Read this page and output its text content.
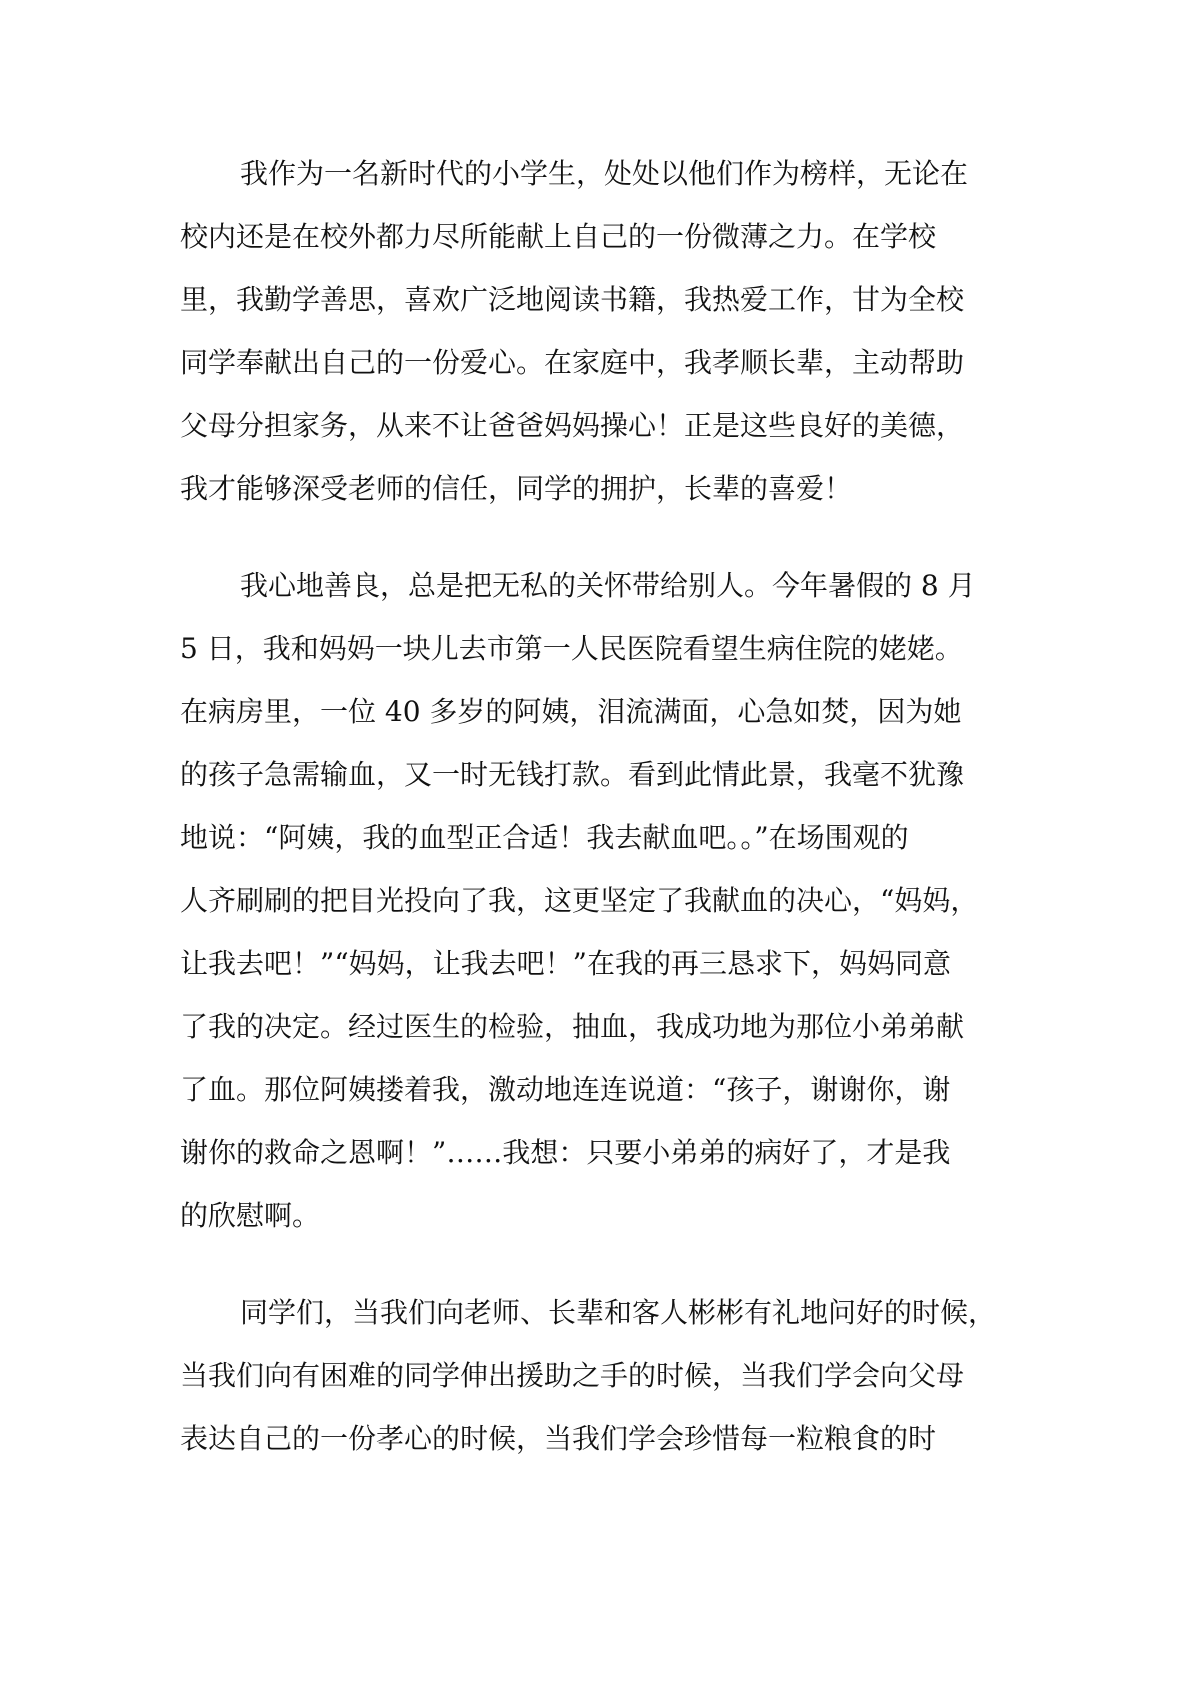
我作为一名新时代的小学生，处处以他们作为榜样，无论在
校内还是在校外都力尽所能献上自己的一份微薄之力。在学校
里，我勤学善思，喜欢广泛地阅读书籍，我热爱工作，甘为全校
同学奉献出自己的一份爱心。在家庭中，我孝顺长辈，主动帮助
父母分担家务，从来不让爸爸妈妈操心！正是这些良好的美德，
我才能够深受老师的信任，同学的拥护，长辈的喜爱！
我心地善良，总是把无私的关怀带给别人。今年暑假的 8 月
5 日，我和妈妈一块儿去市第一人民医院看望生病住院的姥姥。
在病房里，一位 40 多岁的阿姨，泪流满面，心急如焚，因为她
的孩子急需输血，又一时无钱打款。看到此情此景，我毫不犹豫
地说：“阿姨，我的血型正合适！我去献血吧。。”在场围观的
人齐刷刷的把目光投向了我，这更坚定了我献血的决心，“妈妈，
让我去吧！”“妈妈，让我去吧！”在我的再三恳求下，妈妈同意
了我的决定。经过医生的检验，抽血，我成功地为那位小弟弟献
了血。那位阿姨搂着我，激动地连连说道：“孩子，谢谢你，谢
谢你的救命之恩啊！”……我想：只要小弟弟的病好了，才是我
的欣慰啊。
同学们，当我们向老师、长辈和客人彬彬有礼地问好的时候，
当我们向有困难的同学伸出援助之手的时候，当我们学会向父母
表达自己的一份孝心的时候，当我们学会珍惜每一粒粮食的时
